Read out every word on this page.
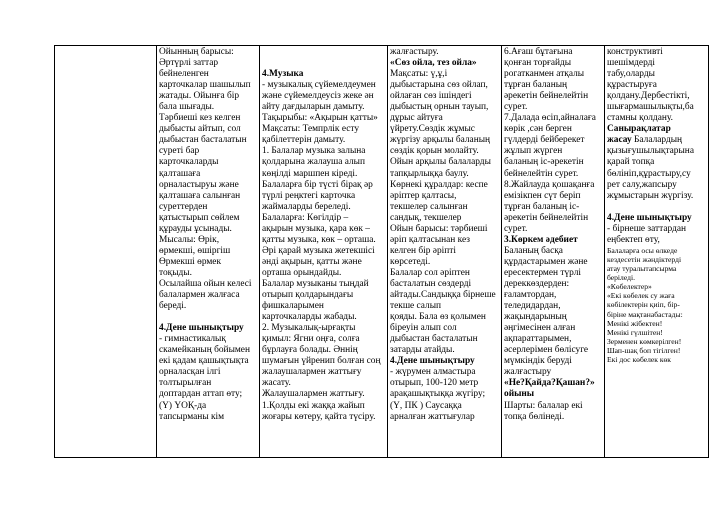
Ойынның барысы:
Әртүрлі заттар
бейнеленген
карточкалар шашылып
жатады. Ойынға бір
бала шығады.
Тәрбиеші кез келген
дыбысты айтып, сол
дыбыстан басталатын
суреті бар
карточкаларды
қалташаға
орналастыруы және
қалташаға салынған
суреттерден
қатыстырып сөйлем
құрауды ұсынады.
Мысалы: Өрік,
өрмекші, өшіргіш
Өрмекші өрмек
тоқыды.
Осылайша ойын келесі
балалармен жалғаса
береді.

4.Дене шынықтыру
- гимнастикалық
скамейканың бойымен
екі қадам қашықтықта
орналасқан ілгі
толтырылған
доптардан аттап өту;
(Ү) ҮОҚ-да
тапсырманы кім

4.Музыка
- музыкалық сүйемелдеумен
және сүйемелдеусіз жеке ән
айту дағдыларын дамыту.
Тақырыбы: «Ақырын қатты»
Мақсаты: Темпрлік есту
қабілеттерін дамыту.
1. Балалар музыка залына
қолдарына жалауша алып
көңілді маршпен кіреді.
Балаларға бір түсті бірақ әр
түрлі реңктегі карточка
жаймаларды береледі.
Балаларға: Көгілдір –
ақырын музыка, қара көк –
қатты музыка, көк – орташа.
Әрі қарай музыка жетекшісі
әнді ақырын, қатты және
орташа орындайды.
Балалар музыканы тыңдай
отырып қолдарындағы
фишкаларымен
карточкаларды жабады.
2. Музыкалық-ырғақты
қимыл: Ягни оңға, солға
бұрлауға болады. Әннің
шумағын үйренип болған соң
жалаушалармен жаттығу
жасату.
Жалаушалармен жаттығу.
1.Қолды екі жаққа жайып
жоғары көтеру, қайта түсіру.

жалғастыру.
«Сөз ойла, тез ойла»
Мақсаты: ү,ұ,і
дыбыстарына сөз ойлап,
ойлаған сөз ішіндегі
дыбыстың орнын тауып,
дұрыс айтуға
үйрету.Сөздік жұмыс
жүргізу арқылы баланың
сөздік қорын молайту.
Ойын арқылы балаларды
тапқырлыққа баулу.
Көрнекі құралдар: кеспе
әріптер қалтасы,
текшелер салынған
сандық, текшелер
Ойын барысы: тәрбиеші
әріп қалтасынан кез
келген бір әріпті
көрсетеді.
Балалар сол әріптен
басталатын сөздерді
айтады.Сандыққа бірнеше
текше салып
қояды. Бала өз қолымен
біреуін алып сол
дыбыстан басталатын
затарды атайды.
4.Дене шынықтыру
- жүрумен алмастыра
отырып, 100-120 метр
арақашықтыққа жүгіру;
(Ү, ПК ) Саусаққа
арналған жаттығулар

6.Ағаш бұтағына
қонған торғайды
рогатканмен атқалы
тұрған баланың
әрекетін бейнелейтін
сурет.
7.Далада өсіп,айналаға
көрік ,сән берген
гүлдерді бейберекет
жұлып жүрген
баланың іс-әрекетін
бейнелейтін сурет.
8.Жайлауда қошақанға
емізікпен сүт беріп
тұрған баланың іс-
әрекетін бейнелейтін
сурет.
3.Көркем әдебиет
Баланың басқа
құрдастарымен және
ересектермен түрлі
дереккөздерден:
ғаламтордан,
теледидардан,
жақындарының
әңгімесінен алған
ақпараттарымен,
әсерлерімен бөлісуге
мүмкіндік беруді
жалғастыру
«Не?Қайда?Қашан?»
ойыны
Шарты: балалар екі
топқа бөлінеді.

конструктивті
шешімдерді
табу,оларды
құрастыруға
қолдану.Дербестікті,
шығармашылықты,ба
стамны қолдану.
Санырақлатар
жасау Балалардың
қызығушылықтарына
қарай топқа
бөлініп,құрастыру,су
рет салу,жапсыру
жұмыстарын жүргізу.

4.Дене шынықтыру
- бірнеше заттардан
еңбектеп өту,
Балаларға осы өлкеде
кездесетін жәндіктерді
атау туралытапсырма
беріледі.
«Көбелектер»
«Екі көбелек су жаға
көбілектерін қиіп, бір-
біріне мақтанабастады:
Менікі жібектен!
Менікі гүлшітен!
Зерменен көмкерілген!
Шап-шақ боп тігілген!
Екі дос көбелек көк
